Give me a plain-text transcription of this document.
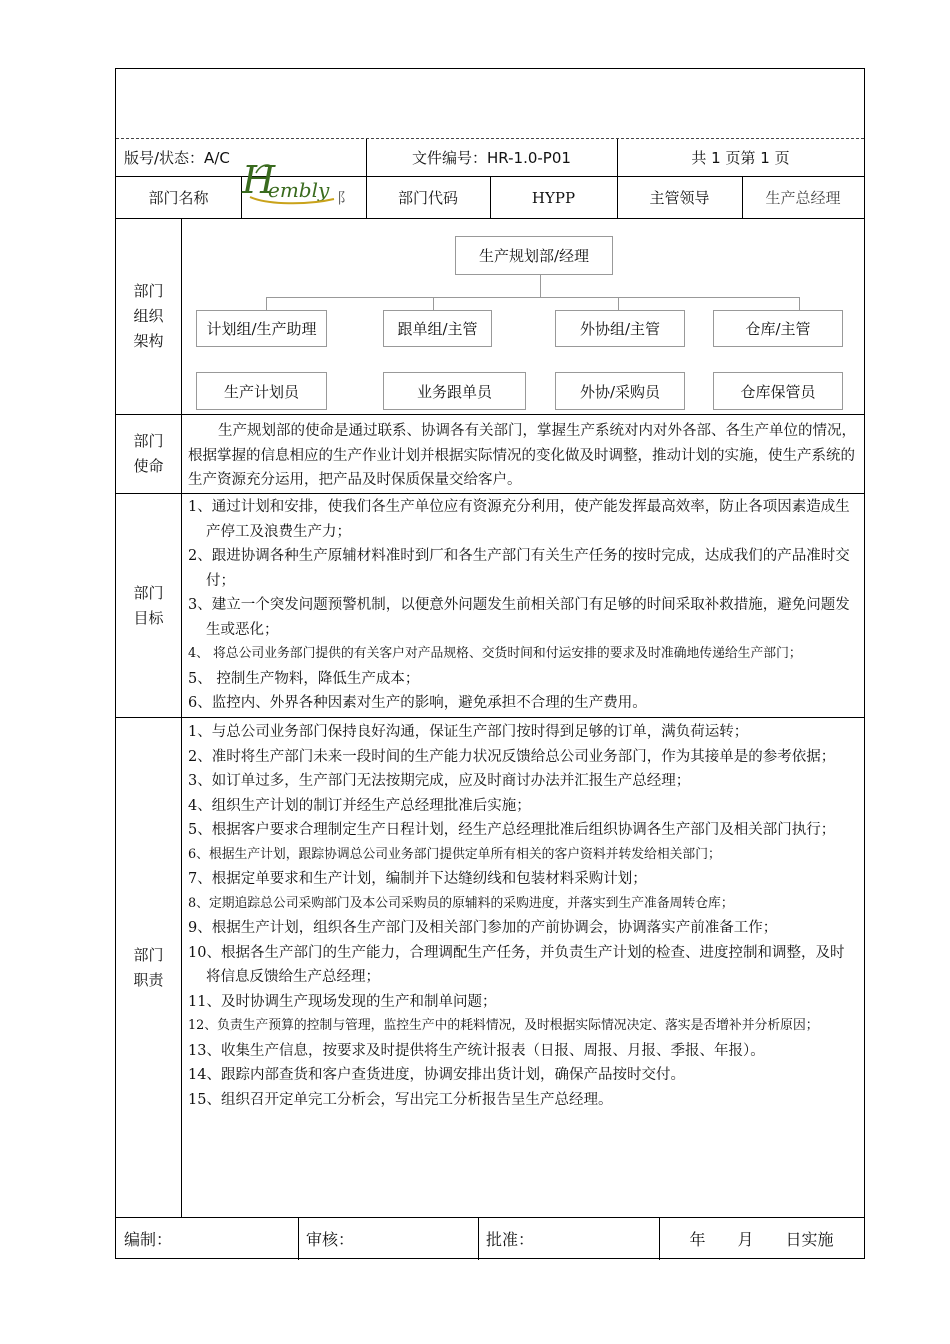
版号/状态：A/C	文件编号：HR-1.0-P01	共 1 页第 1 页
部门名称	阝	部门代码	HYPP	主管领导	生产总经理
部门
组织
架构
生产规划部/经理
计划组/生产助理	跟单组/主管	外协组/主管	仓库/主管
生产计划员	业务跟单员	外协/采购员	仓库保管员
部门
使命
生产规划部的使命是通过联系、协调各有关部门，掌握生产系统对内对外各部、各生产单位的情况，根据掌握的信息相应的生产作业计划并根据实际情况的变化做及时调整，推动计划的实施，使生产系统的生产资源充分运用，把产品及时保质保量交给客户。
部门
目标
1、通过计划和安排，使我们各生产单位应有资源充分利用，使产能发挥最高效率，防止各项因素造成生产停工及浪费生产力；
2、跟进协调各种生产原辅材料准时到厂和各生产部门有关生产任务的按时完成，达成我们的产品准时交付；
3、建立一个突发问题预警机制，以便意外问题发生前相关部门有足够的时间采取补救措施，避免问题发生或恶化；
4、 将总公司业务部门提供的有关客户对产品规格、交货时间和付运安排的要求及时准确地传递给生产部门；
5、 控制生产物料，降低生产成本；
6、监控内、外界各种因素对生产的影响，避免承担不合理的生产费用。
部门
职责
1、与总公司业务部门保持良好沟通，保证生产部门按时得到足够的订单，满负荷运转；
2、准时将生产部门未来一段时间的生产能力状况反馈给总公司业务部门，作为其接单是的参考依据；
3、如订单过多，生产部门无法按期完成，应及时商讨办法并汇报生产总经理；
4、组织生产计划的制订并经生产总经理批准后实施；
5、根据客户要求合理制定生产日程计划，经生产总经理批准后组织协调各生产部门及相关部门执行；
6、根据生产计划，跟踪协调总公司业务部门提供定单所有相关的客户资料并转发给相关部门；
7、根据定单要求和生产计划，编制并下达缝纫线和包装材料采购计划；
8、定期追踪总公司采购部门及本公司采购员的原辅料的采购进度，并落实到生产准备周转仓库；
9、根据生产计划，组织各生产部门及相关部门参加的产前协调会，协调落实产前准备工作；
10、根据各生产部门的生产能力，合理调配生产任务，并负责生产计划的检查、进度控制和调整，及时将信息反馈给生产总经理；
11、及时协调生产现场发现的生产和制单问题；
12、负责生产预算的控制与管理，监控生产中的耗料情况，及时根据实际情况决定、落实是否增补并分析原因；
13、收集生产信息，按要求及时提供将生产统计报表（日报、周报、月报、季报、年报）。
14、跟踪内部查货和客户查货进度，协调安排出货计划，确保产品按时交付。
15、组织召开定单完工分析会，写出完工分析报告呈生产总经理。
编制：	审核：	批准：	年　　月　　日实施
H
embly
